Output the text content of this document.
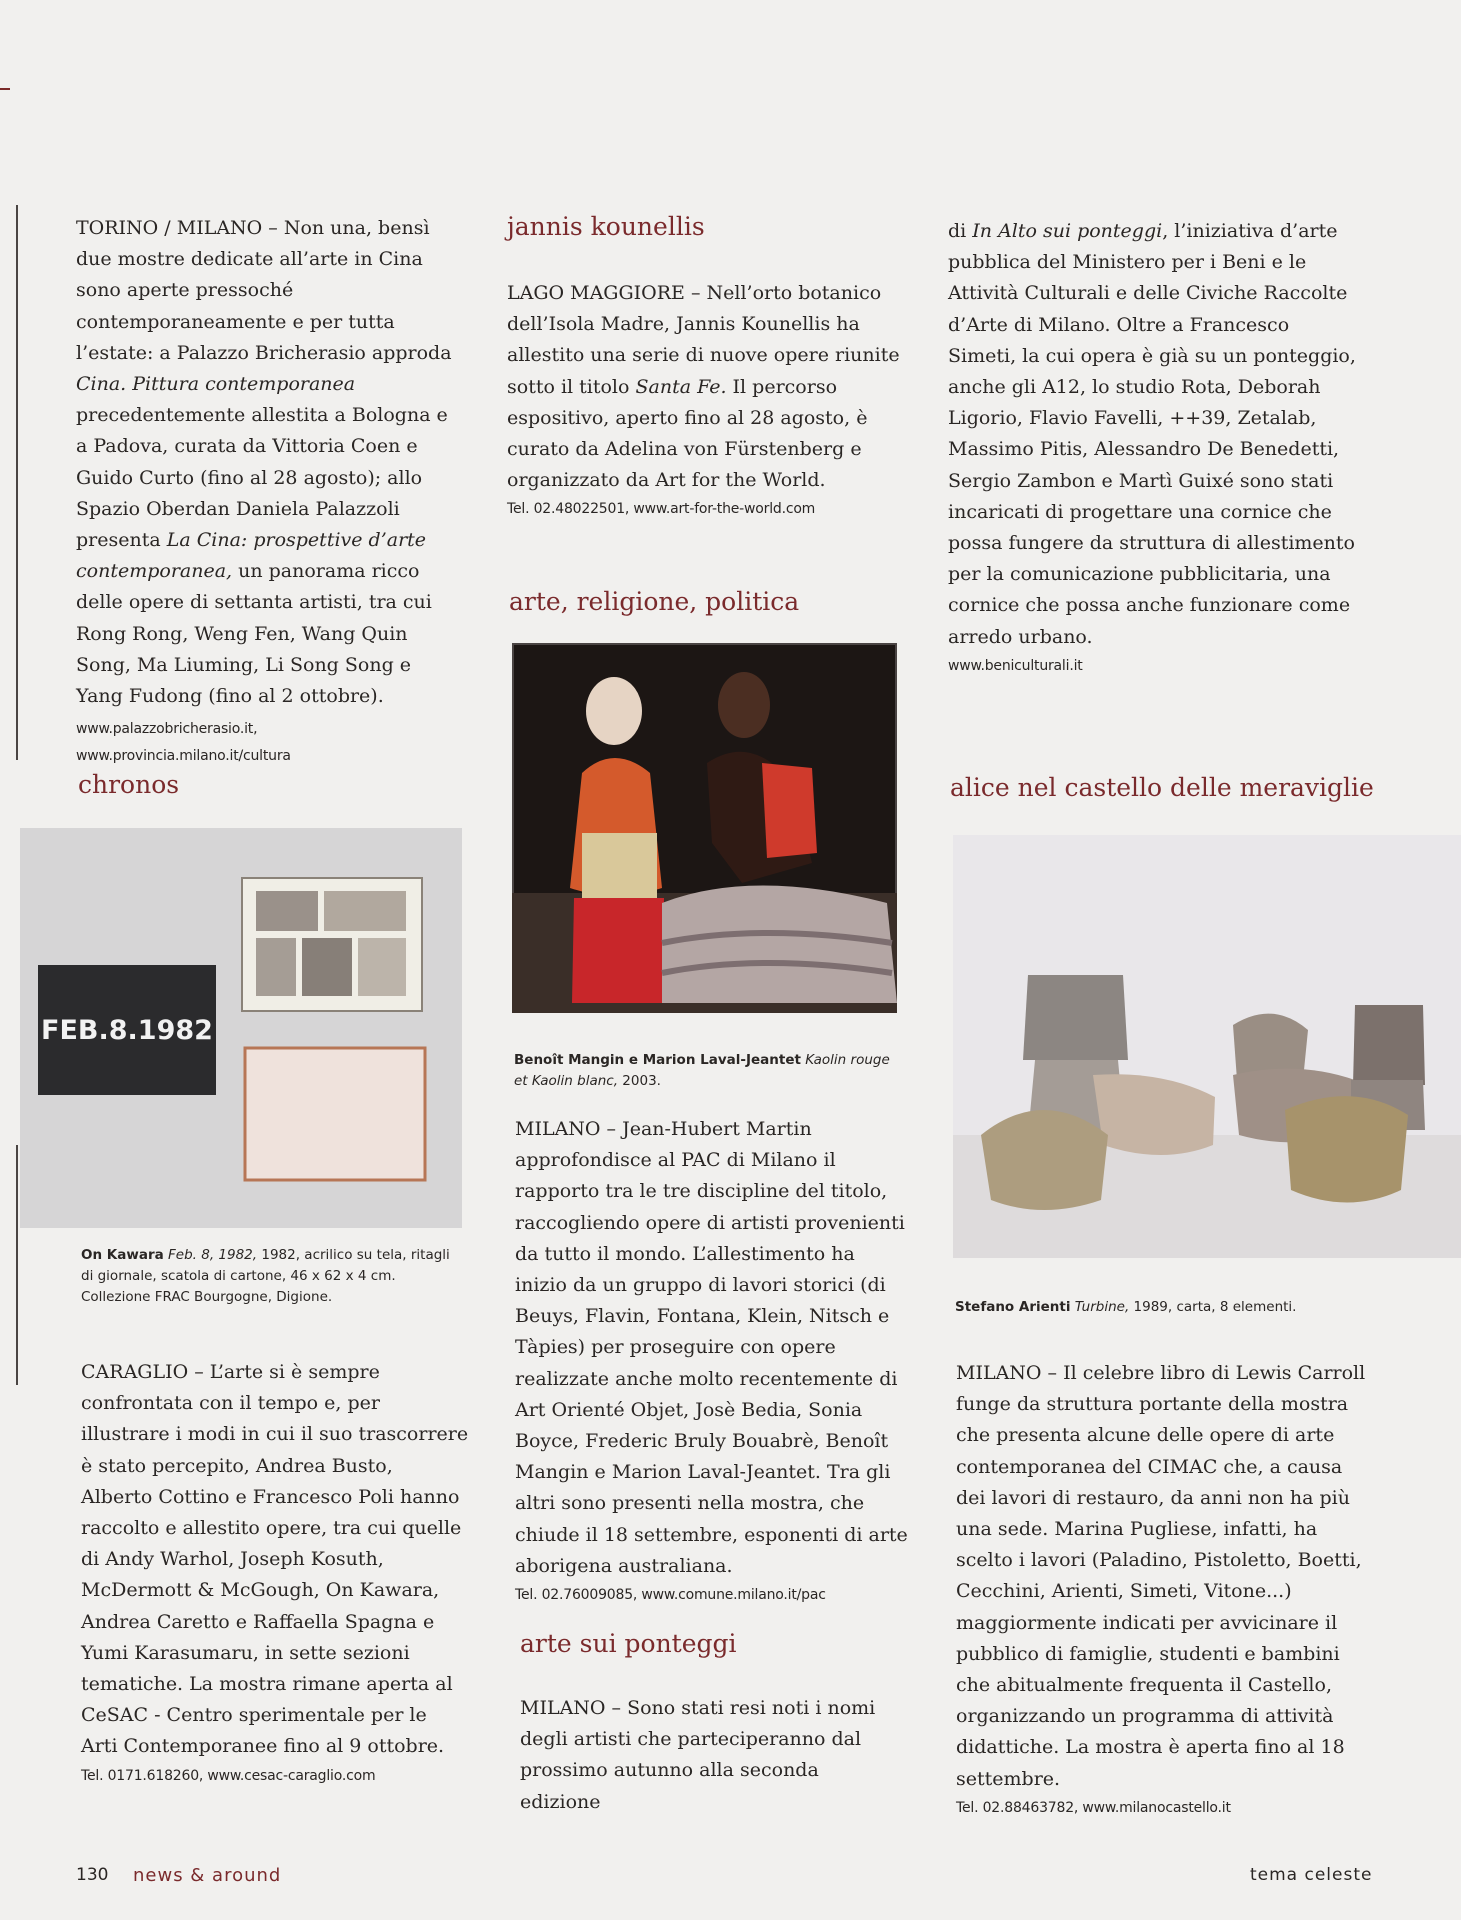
TORINO / MILANO – Non una, bensì due mostre dedicate all’arte in Cina sono aperte pressoché contemporaneamente e per tutta l’estate: a Palazzo Bricherasio approda Cina. Pittura contemporanea precedentemente allestita a Bologna e a Padova, curata da Vittoria Coen e Guido Curto (fino al 28 agosto); allo Spazio Oberdan Daniela Palazzoli presenta La Cina: prospettive d’arte contemporanea, un panorama ricco delle opere di settanta artisti, tra cui Rong Rong, Weng Fen, Wang Quin Song, Ma Liuming, Li Song Song e Yang Fudong (fino al 2 ottobre).

www.palazzobricherasio.it,
www.provincia.milano.it/cultura

chronos
FEB.8.1982

On Kawara Feb. 8, 1982, 1982, acrilico su tela, ritagli di giornale, scatola di cartone, 46 x 62 x 4 cm. Collezione FRAC Bourgogne, Digione.

CARAGLIO – L’arte si è sempre confrontata con il tempo e, per illustrare i modi in cui il suo trascorrere è stato percepito, Andrea Busto, Alberto Cottino e Francesco Poli hanno raccolto e allestito opere, tra cui quelle di Andy Warhol, Joseph Kosuth, McDermott & McGough, On Kawara, Andrea Caretto e Raffaella Spagna e Yumi Karasumaru, in sette sezioni tematiche. La mostra rimane aperta al CeSAC - Centro sperimentale per le Arti Contemporanee fino al 9 ottobre.

Tel. 0171.618260, www.cesac-caraglio.com

jannis kounellis

LAGO MAGGIORE – Nell’orto botanico dell’Isola Madre, Jannis Kounellis ha allestito una serie di nuove opere riunite sotto il titolo Santa Fe. Il percorso espositivo, aperto fino al 28 agosto, è curato da Adelina von Fürstenberg e organizzato da Art for the World.

Tel. 02.48022501, www.art-for-the-world.com

arte, religione, politica

Benoît Mangin e Marion Laval-Jeantet Kaolin rouge et Kaolin blanc, 2003.

MILANO – Jean-Hubert Martin approfondisce al PAC di Milano il rapporto tra le tre discipline del titolo, raccogliendo opere di artisti provenienti da tutto il mondo. L’allestimento ha inizio da un gruppo di lavori storici (di Beuys, Flavin, Fontana, Klein, Nitsch e Tàpies) per proseguire con opere realizzate anche molto recentemente di Art Orienté Objet, Josè Bedia, Sonia Boyce, Frederic Bruly Bouabrè, Benoît Mangin e Marion Laval-Jeantet. Tra gli altri sono presenti nella mostra, che chiude il 18 settembre, esponenti di arte aborigena australiana.

Tel. 02.76009085, www.comune.milano.it/pac

arte sui ponteggi

MILANO – Sono stati resi noti i nomi degli artisti che parteciperanno dal prossimo autunno alla seconda edizione

di In Alto sui ponteggi, l’iniziativa d’arte pubblica del Ministero per i Beni e le Attività Culturali e delle Civiche Raccolte d’Arte di Milano. Oltre a Francesco Simeti, la cui opera è già su un ponteggio, anche gli A12, lo studio Rota, Deborah Ligorio, Flavio Favelli, ++39, Zetalab, Massimo Pitis, Alessandro De Benedetti, Sergio Zambon e Martì Guixé sono stati incaricati di progettare una cornice che possa fungere da struttura di allestimento per la comunicazione pubblicitaria, una cornice che possa anche funzionare come arredo urbano.

www.beniculturali.it

alice nel castello delle meraviglie

Stefano Arienti Turbine, 1989, carta, 8 elementi.

MILANO – Il celebre libro di Lewis Carroll funge da struttura portante della mostra che presenta alcune delle opere di arte contemporanea del CIMAC che, a causa dei lavori di restauro, da anni non ha più una sede. Marina Pugliese, infatti, ha scelto i lavori (Paladino, Pistoletto, Boetti, Cecchini, Arienti, Simeti, Vitone...) maggiormente indicati per avvicinare il pubblico di famiglie, studenti e bambini che abitualmente frequenta il Castello, organizzando un programma di attività didattiche. La mostra è aperta fino al 18 settembre.

Tel. 02.88463782, www.milanocastello.it

130 news & around	tema celeste
